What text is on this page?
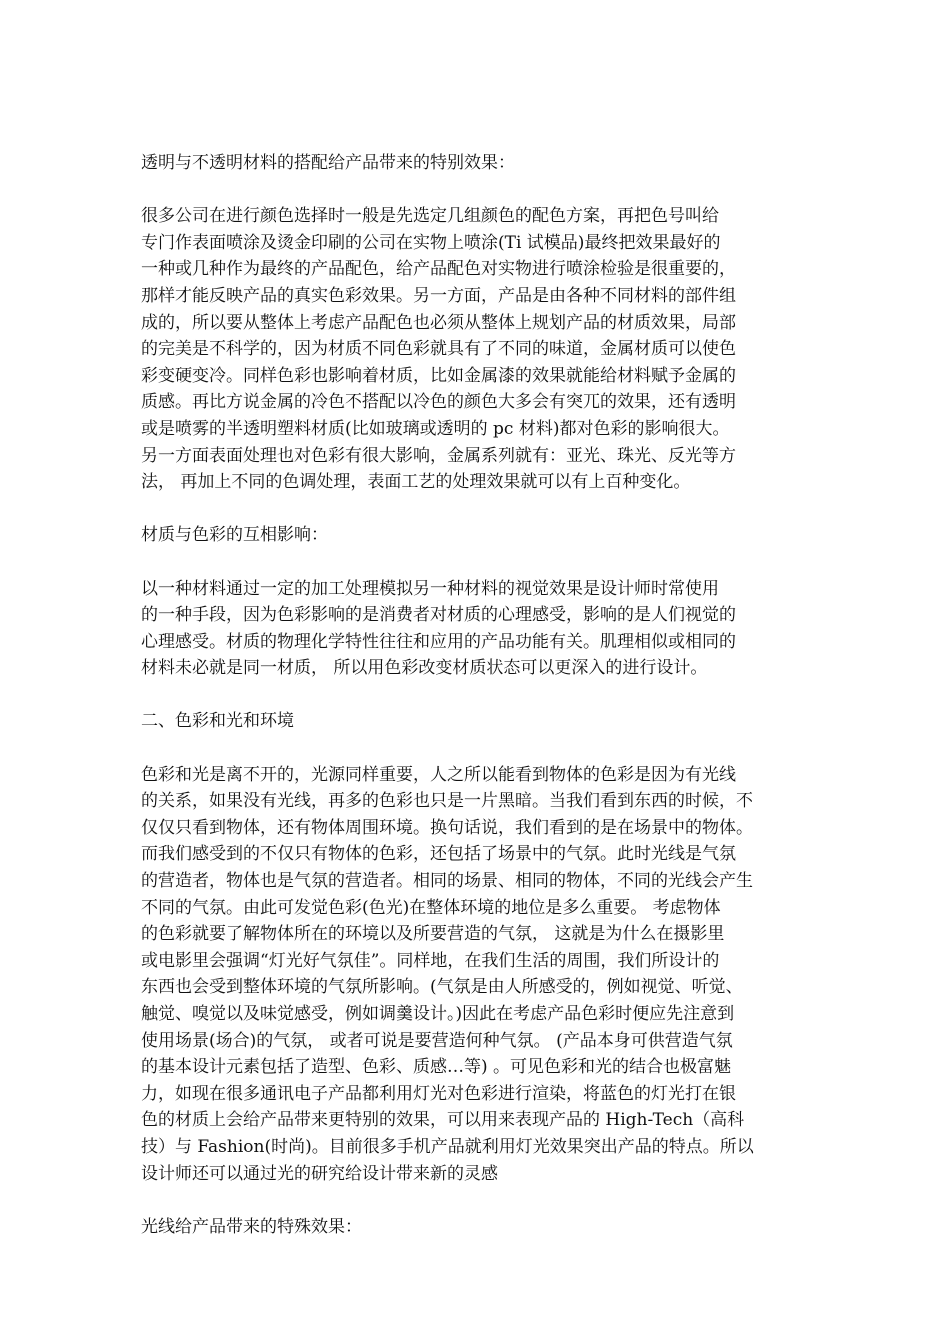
透明与不透明材料的搭配给产品带来的特别效果：
很多公司在进行颜色选择时一般是先选定几组颜色的配色方案，再把色号叫给
专门作表面喷涂及烫金印刷的公司在实物上喷涂(Ti 试模品)最终把效果最好的
一种或几种作为最终的产品配色，给产品配色对实物进行喷涂检验是很重要的，
那样才能反映产品的真实色彩效果。另一方面，产品是由各种不同材料的部件组
成的，所以要从整体上考虑产品配色也必须从整体上规划产品的材质效果，局部
的完美是不科学的，因为材质不同色彩就具有了不同的味道，金属材质可以使色
彩变硬变冷。同样色彩也影响着材质，比如金属漆的效果就能给材料赋予金属的
质感。再比方说金属的冷色不搭配以冷色的颜色大多会有突兀的效果，还有透明
或是喷雾的半透明塑料材质(比如玻璃或透明的 pc 材料)都对色彩的影响很大。
另一方面表面处理也对色彩有很大影响，金属系列就有：亚光、珠光、反光等方
法， 再加上不同的色调处理，表面工艺的处理效果就可以有上百种变化。
材质与色彩的互相影响：
以一种材料通过一定的加工处理模拟另一种材料的视觉效果是设计师时常使用
的一种手段，因为色彩影响的是消费者对材质的心理感受，影响的是人们视觉的
心理感受。材质的物理化学特性往往和应用的产品功能有关。肌理相似或相同的
材料未必就是同一材质， 所以用色彩改变材质状态可以更深入的进行设计。
二、色彩和光和环境
色彩和光是离不开的，光源同样重要，人之所以能看到物体的色彩是因为有光线
的关系，如果没有光线，再多的色彩也只是一片黑暗。当我们看到东西的时候，不
仅仅只看到物体，还有物体周围环境。换句话说，我们看到的是在场景中的物体。
而我们感受到的不仅只有物体的色彩，还包括了场景中的气氛。此时光线是气氛
的营造者，物体也是气氛的营造者。相同的场景、相同的物体，不同的光线会产生
不同的气氛。由此可发觉色彩(色光)在整体环境的地位是多么重要。 考虑物体
的色彩就要了解物体所在的环境以及所要营造的气氛， 这就是为什么在摄影里
或电影里会强调“灯光好气氛佳”。同样地，在我们生活的周围，我们所设计的
东西也会受到整体环境的气氛所影响。(气氛是由人所感受的，例如视觉、听觉、
触觉、嗅觉以及味觉感受，例如调羹设计。)因此在考虑产品色彩时便应先注意到
使用场景(场合)的气氛， 或者可说是要营造何种气氛。 (产品本身可供营造气氛
的基本设计元素包括了造型、色彩、质感…等) 。可见色彩和光的结合也极富魅
力，如现在很多通讯电子产品都利用灯光对色彩进行渲染，将蓝色的灯光打在银
色的材质上会给产品带来更特别的效果，可以用来表现产品的 High-Tech（高科
技）与 Fashion(时尚)。目前很多手机产品就利用灯光效果突出产品的特点。所以
设计师还可以通过光的研究给设计带来新的灵感
光线给产品带来的特殊效果：
